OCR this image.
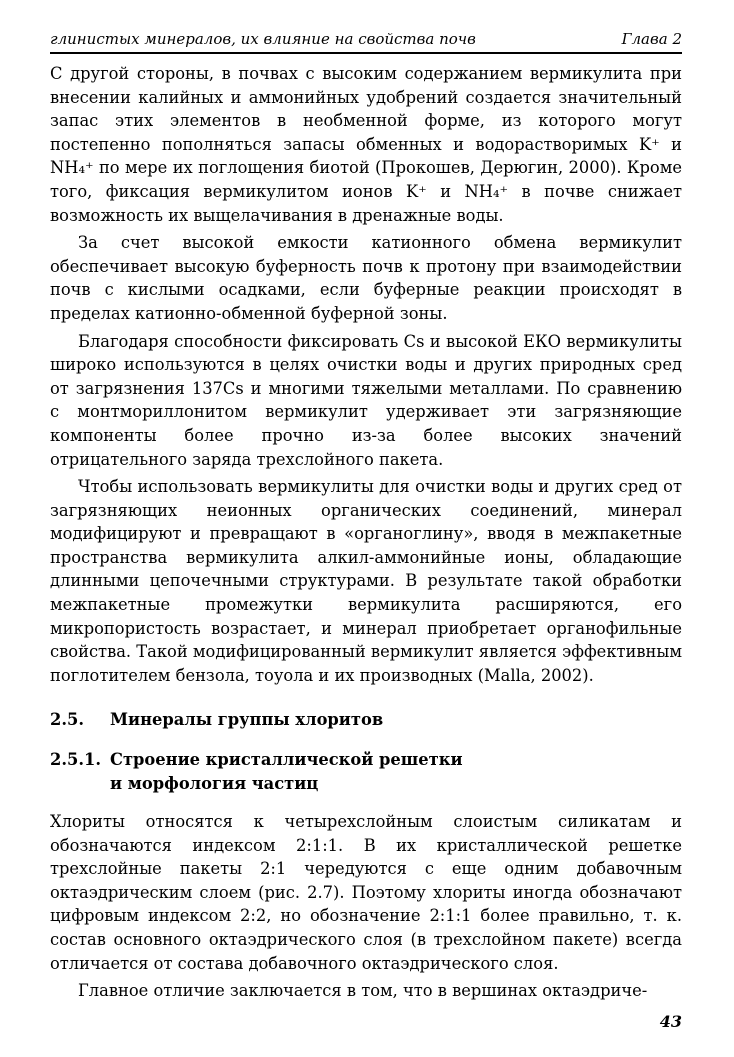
глинистых минералов, их влияние на свойства почв	Глава 2

С другой стороны, в почвах с высоким содержанием вермикулита при внесении калийных и аммонийных удобрений создается значительный запас этих элементов в необменной форме, из которого могут постепенно пополняться запасы обменных и водорастворимых K⁺ и NH₄⁺ по мере их поглощения биотой (Прокошев, Дерюгин, 2000). Кроме того, фиксация вермикулитом ионов K⁺ и NH₄⁺ в почве снижает возможность их выщелачивания в дренажные воды.

За счет высокой емкости катионного обмена вермикулит обеспечивает высокую буферность почв к протону при взаимодействии почв с кислыми осадками, если буферные реакции происходят в пределах катионно-обменной буферной зоны.

Благодаря способности фиксировать Cs и высокой ЕКО вермикулиты широко используются в целях очистки воды и других природных сред от загрязнения 137Cs и многими тяжелыми металлами. По сравнению с монтмориллонитом вермикулит удерживает эти загрязняющие компоненты более прочно из-за более высоких значений отрицательного заряда трехслойного пакета.

Чтобы использовать вермикулиты для очистки воды и других сред от загрязняющих неионных органических соединений, минерал модифицируют и превращают в «органоглину», вводя в межпакетные пространства вермикулита алкил-аммонийные ионы, обладающие длинными цепочечными структурами. В результате такой обработки межпакетные промежутки вермикулита расширяются, его микропористость возрастает, и минерал приобретает органофильные свойства. Такой модифицированный вермикулит является эффективным поглотителем бензола, тоуола и их производных (Malla, 2002).

2.5. Минералы группы хлоритов
2.5.1. Строение кристаллической решетки
и морфология частиц

Хлориты относятся к четырехслойным слоистым силикатам и обозначаются индексом 2:1:1. В их кристаллической решетке трехслойные пакеты 2:1 чередуются с еще одним добавочным октаэдрическим слоем (рис. 2.7). Поэтому хлориты иногда обозначают цифровым индексом 2:2, но обозначение 2:1:1 более правильно, т. к. состав основного октаэдрического слоя (в трехслойном пакете) всегда отличается от состава добавочного октаэдрического слоя.

Главное отличие заключается в том, что в вершинах октаэдриче-

43
